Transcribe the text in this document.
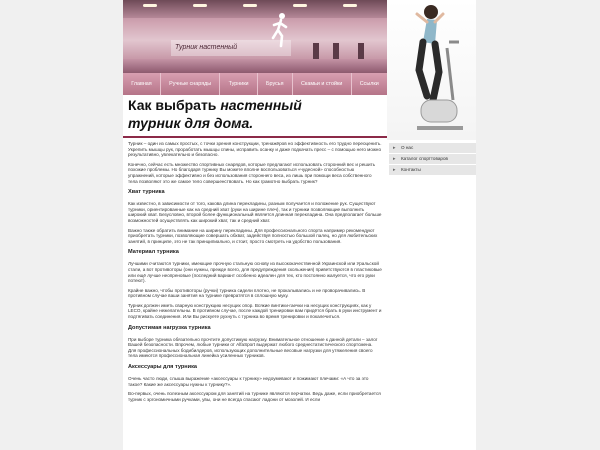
Турник настенный
Главная	Ручные снаряды	Турники	Брусья	Скамьи и стойки	Ссылки
Как выбрать настенный
турник для дома.
▸ О нас
▸ Каталог спорттоваров
▸ Контакты

Турник – один из самых простых, с точки зрения конструкции, тренажёров но эффективность его трудно переоценить. Укрепить мышцы рук, проработать мышцы спины, исправить осанку и даже подкачать пресс – с помощью него можно результативно, увлекательно и безопасно.

Конечно, сейчас есть множество спортивных снарядов, которые предлагают использовать сторонний вес и решить похожие проблемы. Но благодаря турнику Вы можете вполне воспользоваться «чудесной» способностью упражнений, которые эффективно и без использования стороннего веса, из лишь при помощи веса собственного тела позволяют это же самое тело совершенствовать. Но как грамотно выбрать турник?

Хват турника

Как известно, в зависимости от того, какова длина перекладины, разным получается и положение рук. Существуют турники, ориентированные как на средний хват (руки на ширине плеч), так и турники позволяющие выполнить широкий хват. Безусловно, второй более функциональный является длинная перекладина. Она предполагает больше возможностей осуществлять как широкий хват, так и средний хват.

Важно также обратить внимание на ширину перекладины. Для профессионального спорта например рекомендуют приобретать турники, позволяющие совершать обхват, задействуя полностью большой палец, но для любительских занятий, в принципе, это не так принципиально, и стоит, просто смотреть на удобство пользования.

Материал турника

Лучшими считаются турники, имеющие прочную стальную основу из высококачественной Украинской или Уральской стали, а вот противоторы (они нужны, прежде всего, для предупреждения скольжения) приветствуются в пластиковые или ещё лучше неопреновые (последний вариант особенно идеален для тех, кто постоянно жалуется, что его руки потеют).

Крайне важно, чтобы противоторы (ручки) турника сидели плотно, не прокалывались и не проворачивались. В противном случае ваши занятия на турнике превратятся в сплошную муку.

Турник должен иметь сварную конструкцию несущих опор. Всякие винтики-гаечки на несущих конструкциях, как у LECO, крайне нежелательны. В противном случае, после каждой тренировки вам придётся брать в руки инструмент и подтягивать соединения. Или Вы рискуете рухнуть с турника во время тренировки и покалечиться.

Допустимая нагрузка турника

При выборе турника обязательно прочтите допустимую нагрузку. Внимательное отношение к данной детали – залог Вашей безопасности. Впрочем, любые турники от AlfaSport выдержат любого среднестатистического спортсмена. Для профессиональных бодибилдеров, использующих дополнительные весовые нагрузки для утяжеления своего тела имеются профессиональная линейка усиленных турников.

Аксессуары для турника

Очень часто люди, слыша выражение «аксессуары к турнику» недоумевают и пожимают плечами: «А что за это такое? Какие же аксессуары нужны к турнику?».

Во-первых, очень полезным аксессуаром для занятий на турнике являются перчатки. Ведь даже, если приобретается турник с эргономичными ручками, увы, они не всегда спасают ладони от мозолей. И если
